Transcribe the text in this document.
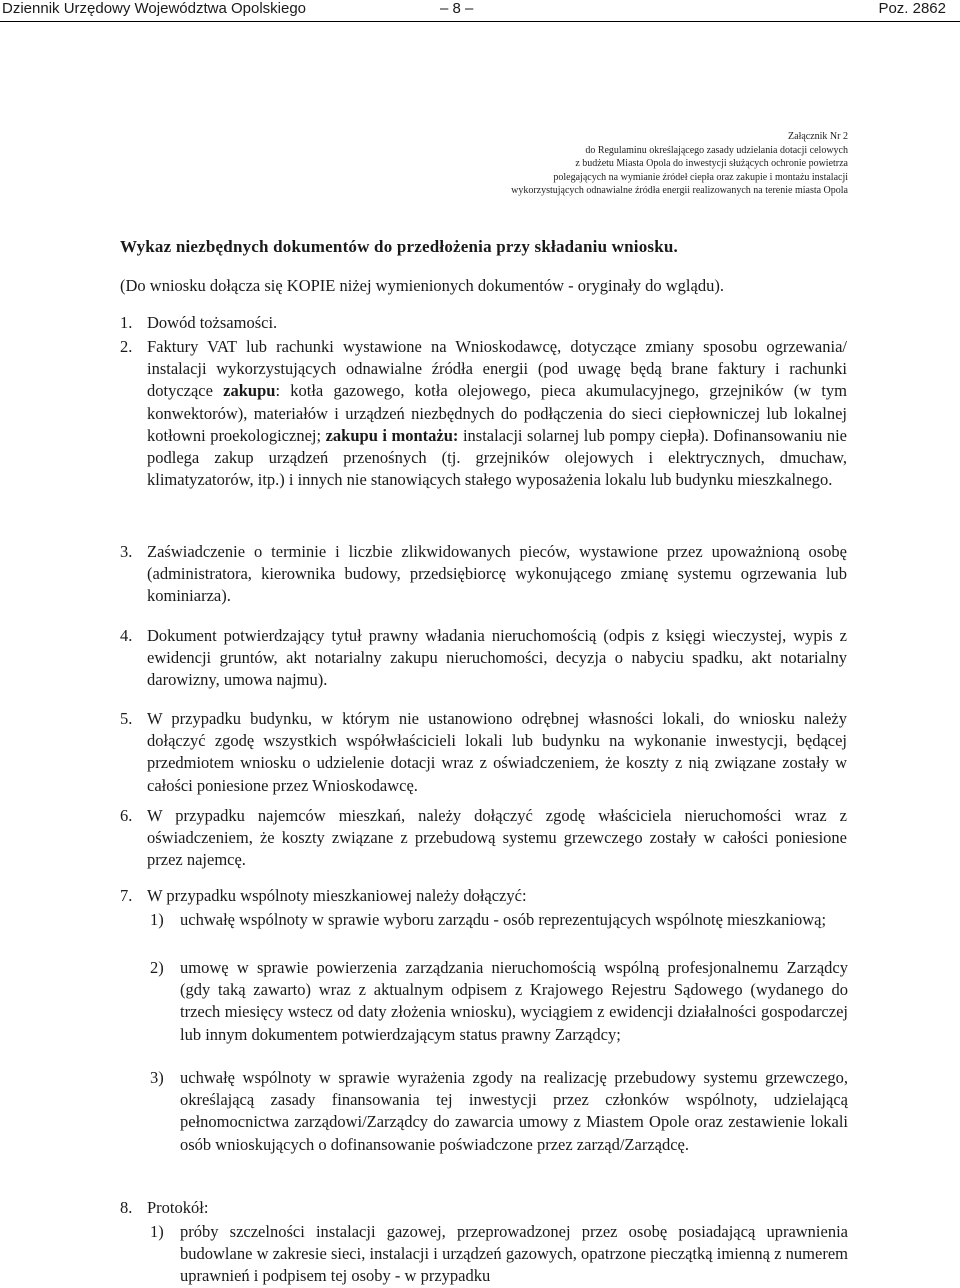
Dziennik Urzędowy Województwa Opolskiego	– 8 –	Poz. 2862
Załącznik Nr 2
do Regulaminu określającego zasady udzielania dotacji celowych
z budżetu Miasta Opola do inwestycji służących ochronie powietrza
polegających na wymianie źródeł ciepła oraz zakupie i montażu instalacji
wykorzystujących odnawialne źródła energii realizowanych na terenie miasta Opola
Wykaz niezbędnych dokumentów do przedłożenia przy składaniu wniosku.
(Do wniosku dołącza się KOPIE niżej wymienionych dokumentów - oryginały do wglądu).
1. Dowód tożsamości.

2. Faktury VAT lub rachunki wystawione na Wnioskodawcę, dotyczące zmiany sposobu ogrzewania/ instalacji wykorzystujących odnawialne źródła energii (pod uwagę będą brane faktury i rachunki dotyczące zakupu: kotła gazowego, kotła olejowego, pieca akumulacyjnego, grzejników (w tym konwektorów), materiałów i urządzeń niezbędnych do podłączenia do sieci ciepłowniczej lub lokalnej kotłowni proekologicznej; zakupu i montażu: instalacji solarnej lub pompy ciepła). Dofinansowaniu nie podlega zakup urządzeń przenośnych (tj. grzejników olejowych i elektrycznych, dmuchaw, klimatyzatorów, itp.) i innych nie stanowiących stałego wyposażenia lokalu lub budynku mieszkalnego.

3. Zaświadczenie o terminie i liczbie zlikwidowanych pieców, wystawione przez upoważnioną osobę (administratora, kierownika budowy, przedsiębiorcę wykonującego zmianę systemu ogrzewania lub kominiarza).

4. Dokument potwierdzający tytuł prawny władania nieruchomością (odpis z księgi wieczystej, wypis z ewidencji gruntów, akt notarialny zakupu nieruchomości, decyzja o nabyciu spadku, akt notarialny darowizny, umowa najmu).

5. W przypadku budynku, w którym nie ustanowiono odrębnej własności lokali, do wniosku należy dołączyć zgodę wszystkich współwłaścicieli lokali lub budynku na wykonanie inwestycji, będącej przedmiotem wniosku o udzielenie dotacji wraz z oświadczeniem, że koszty z nią związane zostały w całości poniesione przez Wnioskodawcę.

6. W przypadku najemców mieszkań, należy dołączyć zgodę właściciela nieruchomości wraz z oświadczeniem, że koszty związane z przebudową systemu grzewczego zostały w całości poniesione przez najemcę.

7. W przypadku wspólnoty mieszkaniowej należy dołączyć:

1) uchwałę wspólnoty w sprawie wyboru zarządu - osób reprezentujących wspólnotę mieszkaniową;

2) umowę w sprawie powierzenia zarządzania nieruchomością wspólną profesjonalnemu Zarządcy (gdy taką zawarto) wraz z aktualnym odpisem z Krajowego Rejestru Sądowego (wydanego do trzech miesięcy wstecz od daty złożenia wniosku), wyciągiem z ewidencji działalności gospodarczej lub innym dokumentem potwierdzającym status prawny Zarządcy;

3) uchwałę wspólnoty w sprawie wyrażenia zgody na realizację przebudowy systemu grzewczego, określającą zasady finansowania tej inwestycji przez członków wspólnoty, udzielającą pełnomocnictwa zarządowi/Zarządcy do zawarcia umowy z Miastem Opole oraz zestawienie lokali osób wnioskujących o dofinansowanie poświadczone przez zarząd/Zarządcę.

8. Protokół:

1) próby szczelności instalacji gazowej, przeprowadzonej przez osobę posiadającą uprawnienia budowlane w zakresie sieci, instalacji i urządzeń gazowych, opatrzone pieczątką imienną z numerem uprawnień i podpisem tej osoby - w przypadku
